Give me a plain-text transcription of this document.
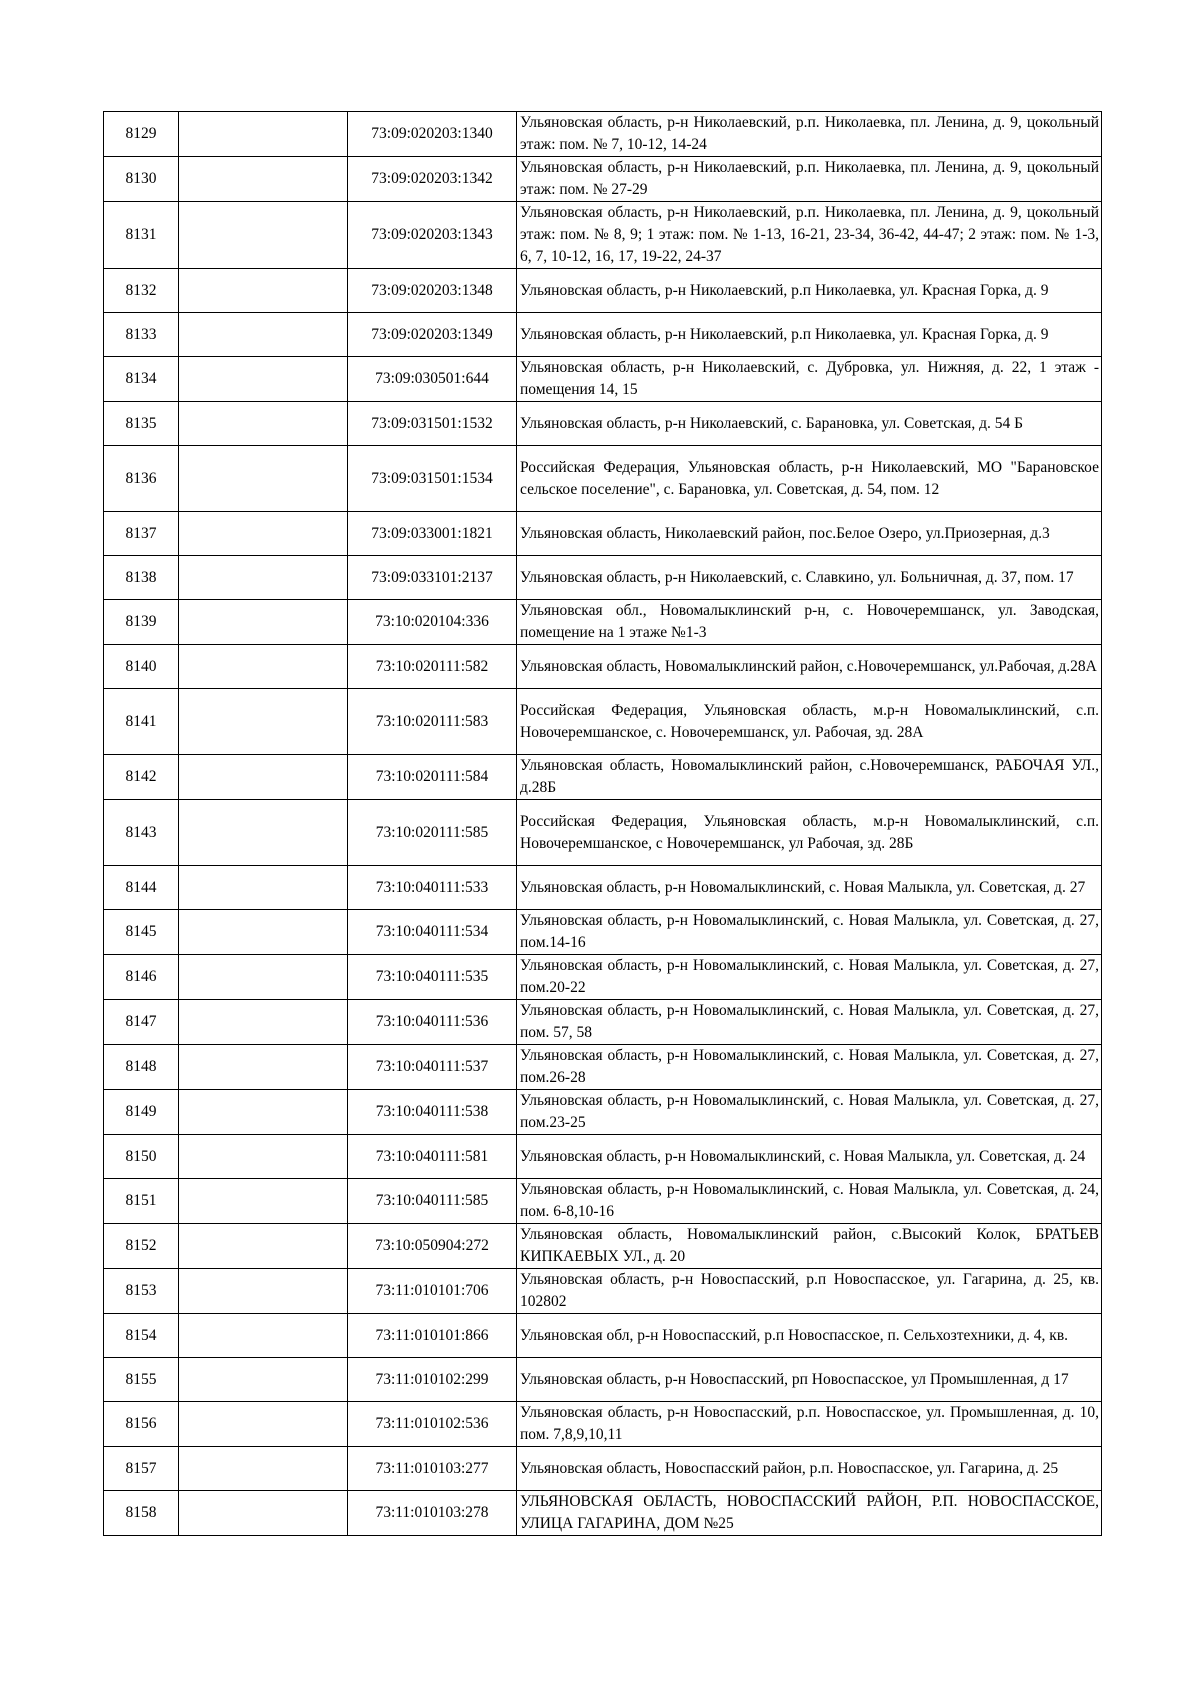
8129		73:09:020203:1340	Ульяновская область, р-н Николаевский, р.п. Николаевка, пл. Ленина, д. 9, цокольный этаж: пом. № 7, 10-12, 14-24
8130		73:09:020203:1342	Ульяновская область, р-н Николаевский, р.п. Николаевка, пл. Ленина, д. 9, цокольный этаж: пом. № 27-29
8131		73:09:020203:1343	Ульяновская область, р-н Николаевский, р.п. Николаевка, пл. Ленина, д. 9, цокольный этаж: пом. № 8, 9; 1 этаж: пом. № 1-13, 16-21, 23-34, 36-42, 44-47; 2 этаж: пом. № 1-3, 6, 7, 10-12, 16, 17, 19-22, 24-37
8132		73:09:020203:1348	Ульяновская область, р-н Николаевский, р.п Николаевка, ул. Красная Горка, д. 9
8133		73:09:020203:1349	Ульяновская область, р-н Николаевский, р.п Николаевка, ул. Красная Горка, д. 9
8134		73:09:030501:644	Ульяновская область, р-н Николаевский, с. Дубровка, ул. Нижняя, д. 22, 1 этаж - помещения 14, 15
8135		73:09:031501:1532	Ульяновская область, р-н Николаевский, с. Барановка, ул. Советская, д. 54 Б
8136		73:09:031501:1534	Российская Федерация, Ульяновская область, р-н Николаевский, МО "Барановское сельское поселение", с. Барановка, ул. Советская, д. 54, пом. 12
8137		73:09:033001:1821	Ульяновская область, Николаевский район, пос.Белое Озеро, ул.Приозерная, д.3
8138		73:09:033101:2137	Ульяновская область, р-н Николаевский, с. Славкино, ул. Больничная, д. 37, пом. 17
8139		73:10:020104:336	Ульяновская обл., Новомалыклинский р-н, с. Новочеремшанск, ул. Заводская, помещение на 1 этаже №1-3
8140		73:10:020111:582	Ульяновская область, Новомалыклинский район, с.Новочеремшанск, ул.Рабочая, д.28А
8141		73:10:020111:583	Российская Федерация, Ульяновская область, м.р-н Новомалыклинский, с.п. Новочеремшанское, с. Новочеремшанск, ул. Рабочая, зд. 28А
8142		73:10:020111:584	Ульяновская область, Новомалыклинский район, с.Новочеремшанск, РАБОЧАЯ УЛ., д.28Б
8143		73:10:020111:585	Российская Федерация, Ульяновская область, м.р-н Новомалыклинский, с.п. Новочеремшанское, с Новочеремшанск, ул Рабочая, зд. 28Б
8144		73:10:040111:533	Ульяновская область, р-н Новомалыклинский, с. Новая Малыкла, ул. Советская, д. 27
8145		73:10:040111:534	Ульяновская область, р-н Новомалыклинский, с. Новая Малыкла, ул. Советская, д. 27, пом.14-16
8146		73:10:040111:535	Ульяновская область, р-н Новомалыклинский, с. Новая Малыкла, ул. Советская, д. 27, пом.20-22
8147		73:10:040111:536	Ульяновская область, р-н Новомалыклинский, с. Новая Малыкла, ул. Советская, д. 27, пом. 57, 58
8148		73:10:040111:537	Ульяновская область, р-н Новомалыклинский, с. Новая Малыкла, ул. Советская, д. 27, пом.26-28
8149		73:10:040111:538	Ульяновская область, р-н Новомалыклинский, с. Новая Малыкла, ул. Советская, д. 27, пом.23-25
8150		73:10:040111:581	Ульяновская область, р-н Новомалыклинский, с. Новая Малыкла, ул. Советская, д. 24
8151		73:10:040111:585	Ульяновская область, р-н Новомалыклинский, с. Новая Малыкла, ул. Советская, д. 24, пом. 6-8,10-16
8152		73:10:050904:272	Ульяновская область, Новомалыклинский район, с.Высокий Колок, БРАТЬЕВ КИПКАЕВЫХ УЛ., д. 20
8153		73:11:010101:706	Ульяновская область, р-н Новоспасский, р.п Новоспасское, ул. Гагарина, д. 25, кв. 102802
8154		73:11:010101:866	Ульяновская обл, р-н Новоспасский, р.п Новоспасское, п. Сельхозтехники, д. 4, кв.
8155		73:11:010102:299	Ульяновская область, р-н Новоспасский, рп Новоспасское, ул Промышленная, д 17
8156		73:11:010102:536	Ульяновская область, р-н Новоспасский, р.п. Новоспасское, ул. Промышленная, д. 10, пом. 7,8,9,10,11
8157		73:11:010103:277	Ульяновская область, Новоспасский район, р.п. Новоспасское, ул. Гагарина, д. 25
8158		73:11:010103:278	УЛЬЯНОВСКАЯ ОБЛАСТЬ, НОВОСПАССКИЙ РАЙОН, Р.П. НОВОСПАССКОЕ, УЛИЦА ГАГАРИНА, ДОМ №25
